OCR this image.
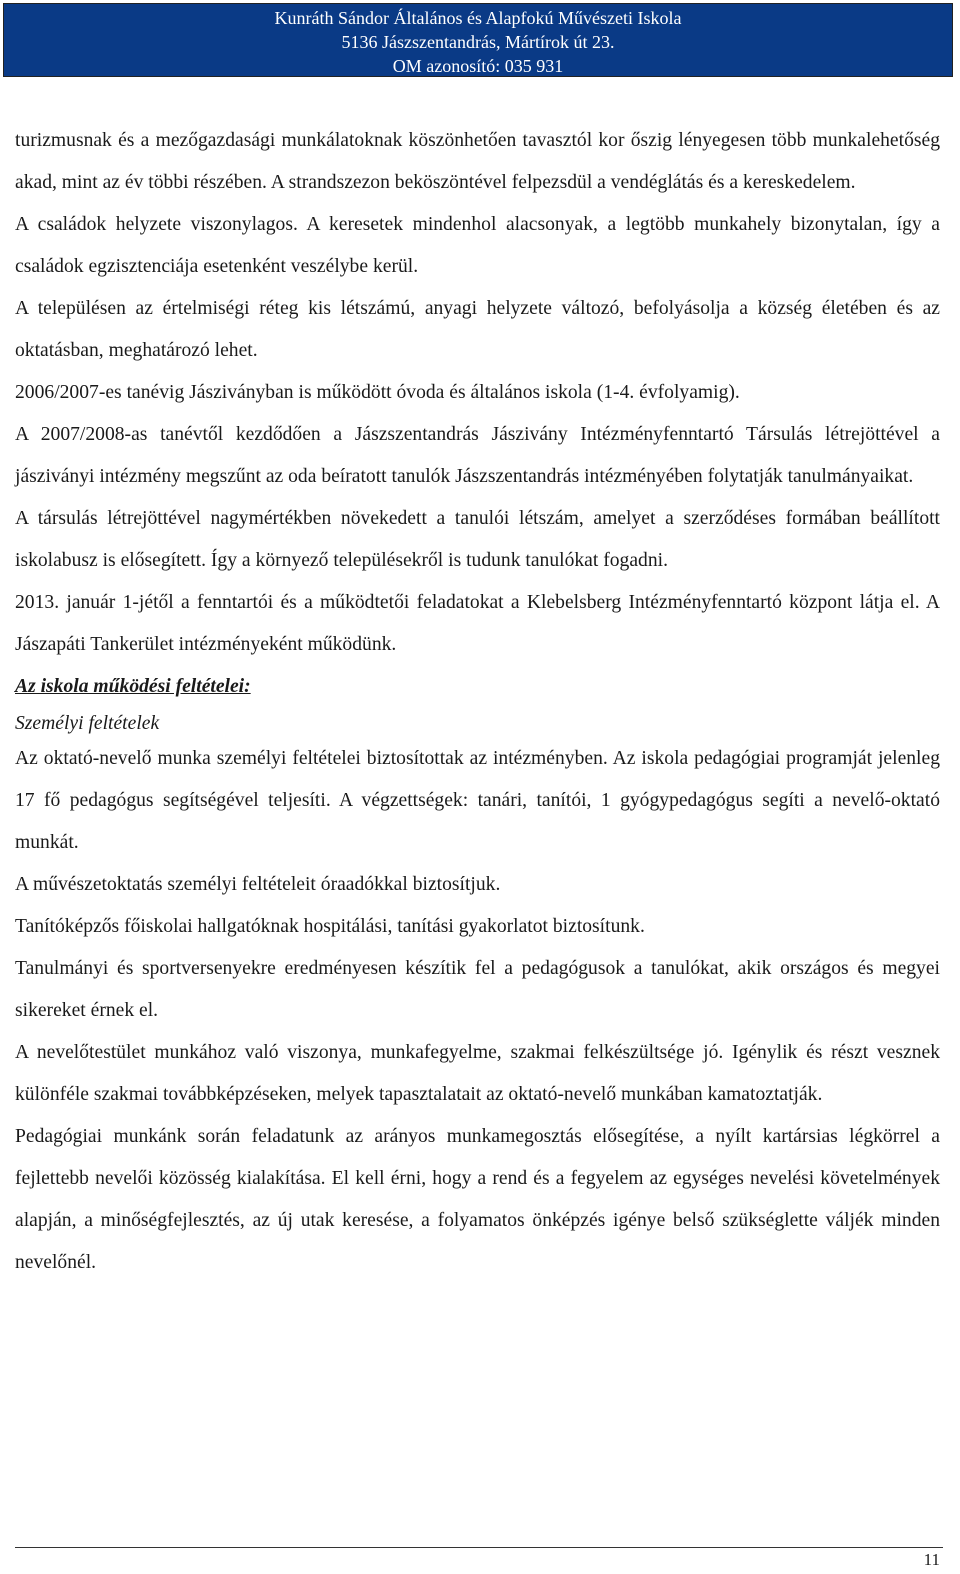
Kunráth Sándor Általános és Alapfokú Művészeti Iskola
5136 Jászszentandrás, Mártírok út 23.
OM azonosító: 035 931

turizmusnak és a mezőgazdasági munkálatoknak köszönhetően tavasztól kor őszig lényegesen több munkalehetőség akad, mint az év többi részében. A strandszezon beköszöntével felpezsdül a vendéglátás és a kereskedelem.

A családok helyzete viszonylagos. A keresetek mindenhol alacsonyak, a legtöbb munkahely bizonytalan, így a családok egzisztenciája esetenként veszélybe kerül.

A településen az értelmiségi réteg kis létszámú, anyagi helyzete változó, befolyásolja a község életében és az oktatásban, meghatározó lehet.

2006/2007-es tanévig Jásziványban is működött óvoda és általános iskola (1-4. évfolyamig).

A 2007/2008-as tanévtől kezdődően a Jászszentandrás Jászivány Intézményfenntartó Társulás létrejöttével a jásziványi intézmény megszűnt az oda beíratott tanulók Jászszentandrás intézményében folytatják tanulmányaikat.

A társulás létrejöttével nagymértékben növekedett a tanulói létszám, amelyet a szerződéses formában beállított iskolabusz is elősegített. Így a környező településekről is tudunk tanulókat fogadni.

2013. január 1-jétől a fenntartói és a működtetői feladatokat a Klebelsberg Intézményfenntartó központ látja el. A Jászapáti Tankerület intézményeként működünk.

Az iskola működési feltételei:

Személyi feltételek

Az oktató-nevelő munka személyi feltételei biztosítottak az intézményben. Az iskola pedagógiai programját jelenleg 17 fő pedagógus segítségével teljesíti. A végzettségek: tanári, tanítói, 1 gyógypedagógus segíti a nevelő-oktató munkát.

A művészetoktatás személyi feltételeit óraadókkal biztosítjuk.

Tanítóképzős főiskolai hallgatóknak hospitálási, tanítási gyakorlatot biztosítunk.

Tanulmányi és sportversenyekre eredményesen készítik fel a pedagógusok a tanulókat, akik országos és megyei sikereket érnek el.

A nevelőtestület munkához való viszonya, munkafegyelme, szakmai felkészültsége jó. Igénylik és részt vesznek különféle szakmai továbbképzéseken, melyek tapasztalatait az oktató-nevelő munkában kamatoztatják.

Pedagógiai munkánk során feladatunk az arányos munkamegosztás elősegítése, a nyílt kartársias légkörrel a fejlettebb nevelői közösség kialakítása. El kell érni, hogy a rend és a fegyelem az egységes nevelési követelmények alapján, a minőségfejlesztés, az új utak keresése, a folyamatos önképzés igénye belső szükséglette váljék minden nevelőnél.

11
